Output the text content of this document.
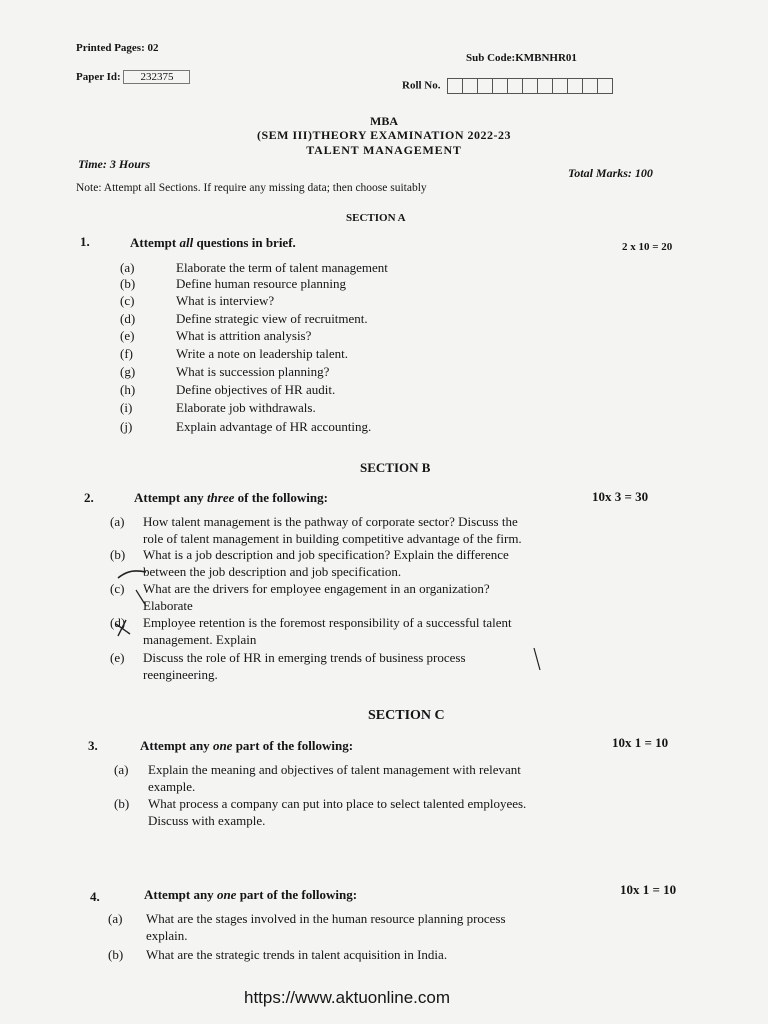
Printed Pages: 02
Sub Code:KMBNHR01
Paper Id: 232375
Roll No.
MBA
(SEM III)THEORY EXAMINATION 2022-23
TALENT MANAGEMENT
Time: 3 Hours
Total Marks: 100
Note: Attempt all Sections. If require any missing data; then choose suitably
SECTION A
1.	Attempt all questions in brief.	2 x 10 = 20
(a)	Elaborate the term of talent management
(b)	Define human resource planning
(c)	What is interview?
(d)	Define strategic view of recruitment.
(e)	What is attrition analysis?
(f)	Write a note on leadership talent.
(g)	What is succession planning?
(h)	Define objectives of HR audit.
(i)	Elaborate job withdrawals.
(j)	Explain advantage of HR accounting.
SECTION B
2.	Attempt any three of the following:	10x 3 = 30
(a) How talent management is the pathway of corporate sector? Discuss the
role of talent management in building competitive advantage of the firm.
(b) What is a job description and job specification? Explain the difference
between the job description and job specification.
(c) What are the drivers for employee engagement in an organization?
Elaborate
(d) Employee retention is the foremost responsibility of a successful talent
management. Explain
(e) Discuss the role of HR in emerging trends of business process
reengineering.
SECTION C
3.	Attempt any one part of the following:	10x 1 = 10
(a) Explain the meaning and objectives of talent management with relevant
example.
(b) What process a company can put into place to select talented employees.
Discuss with example.
4.	Attempt any one part of the following:	10x 1 = 10
(a) What are the stages involved in the human resource planning process
explain.
(b) What are the strategic trends in talent acquisition in India.
https://www.aktuonline.com
